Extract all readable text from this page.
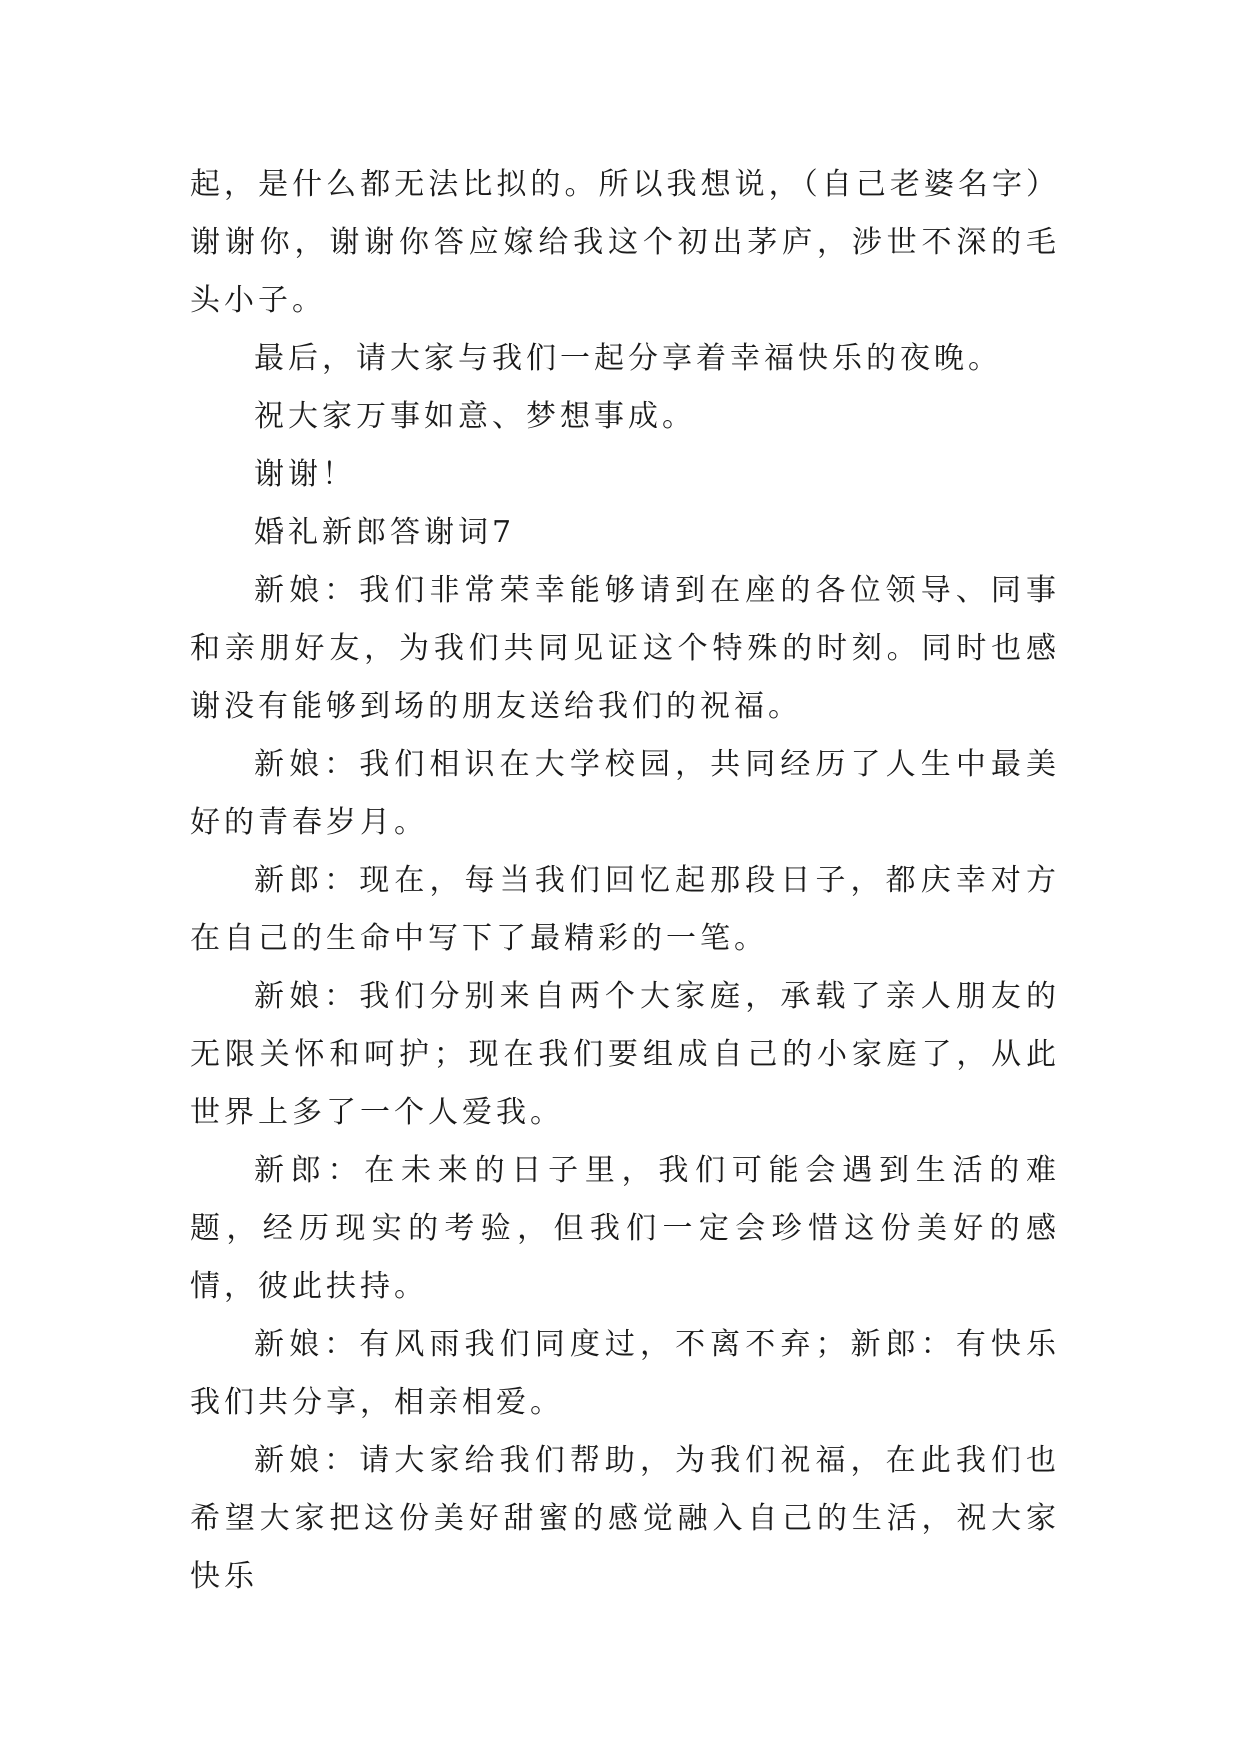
起，是什么都无法比拟的。所以我想说，（自己老婆名字）谢谢你，谢谢你答应嫁给我这个初出茅庐，涉世不深的毛头小子。

最后，请大家与我们一起分享着幸福快乐的夜晚。

祝大家万事如意、梦想事成。

谢谢！

婚礼新郎答谢词7

新娘：我们非常荣幸能够请到在座的各位领导、同事和亲朋好友，为我们共同见证这个特殊的时刻。同时也感谢没有能够到场的朋友送给我们的祝福。

新娘：我们相识在大学校园，共同经历了人生中最美好的青春岁月。

新郎：现在，每当我们回忆起那段日子，都庆幸对方在自己的生命中写下了最精彩的一笔。

新娘：我们分别来自两个大家庭，承载了亲人朋友的无限关怀和呵护；现在我们要组成自己的小家庭了，从此世界上多了一个人爱我。

新郎：在未来的日子里，我们可能会遇到生活的难题，经历现实的考验，但我们一定会珍惜这份美好的感情，彼此扶持。

新娘：有风雨我们同度过，不离不弃；新郎：有快乐我们共分享，相亲相爱。

新娘：请大家给我们帮助，为我们祝福，在此我们也希望大家把这份美好甜蜜的感觉融入自己的生活，祝大家快乐
